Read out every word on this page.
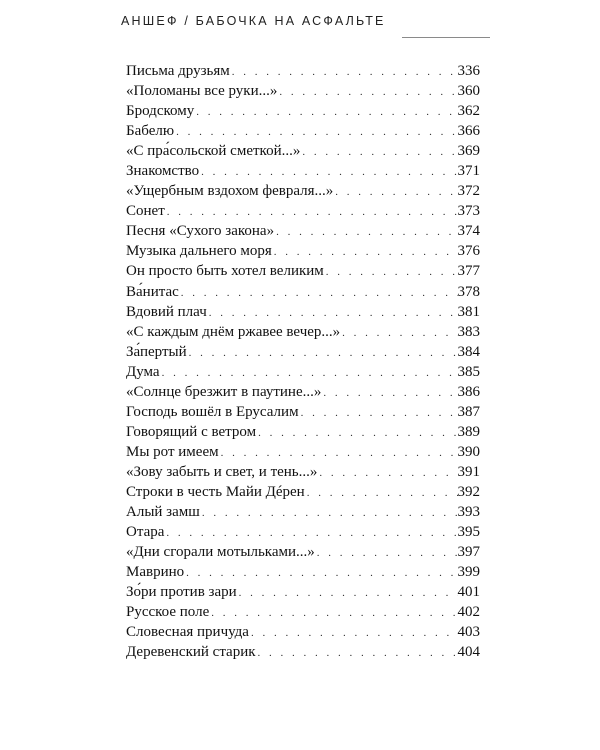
АНШЕФ / БАБОЧКА НА АСФАЛЬТЕ
Письма друзьям . . .	336
«Поломаны все руки...» . . .	360
Бродскому . . .	362
Бабелю . . .	366
«С пра́сольской сметкой...» . . .	369
Знакомство . . .	371
«Ущербным вздохом февраля...» . . .	372
Сонет . . .	373
Песня «Сухого закона» . . .	374
Музыка дальнего моря . . .	376
Он просто быть хотел великим . . .	377
Ва́нитас . . .	378
Вдовий плач . . .	381
«С каждым днём ржавее вечер...» . . .	383
За́пертый . . .	384
Дума . . .	385
«Солнце брезжит в паутине...» . . .	386
Господь вошёл в Ерусалим . . .	387
Говорящий с ветром . . .	389
Мы рот имеем . . .	390
«Зову забыть и свет, и тень...» . . .	391
Строки в честь Майи Дéрен . . .	392
Алый замш . . .	393
Отара . . .	395
«Дни сгорали мотыльками...» . . .	397
Маврино . . .	399
Зо́ри против зари . . .	401
Русское поле . . .	402
Словесная причуда . . .	403
Деревенский старик . . .	404
